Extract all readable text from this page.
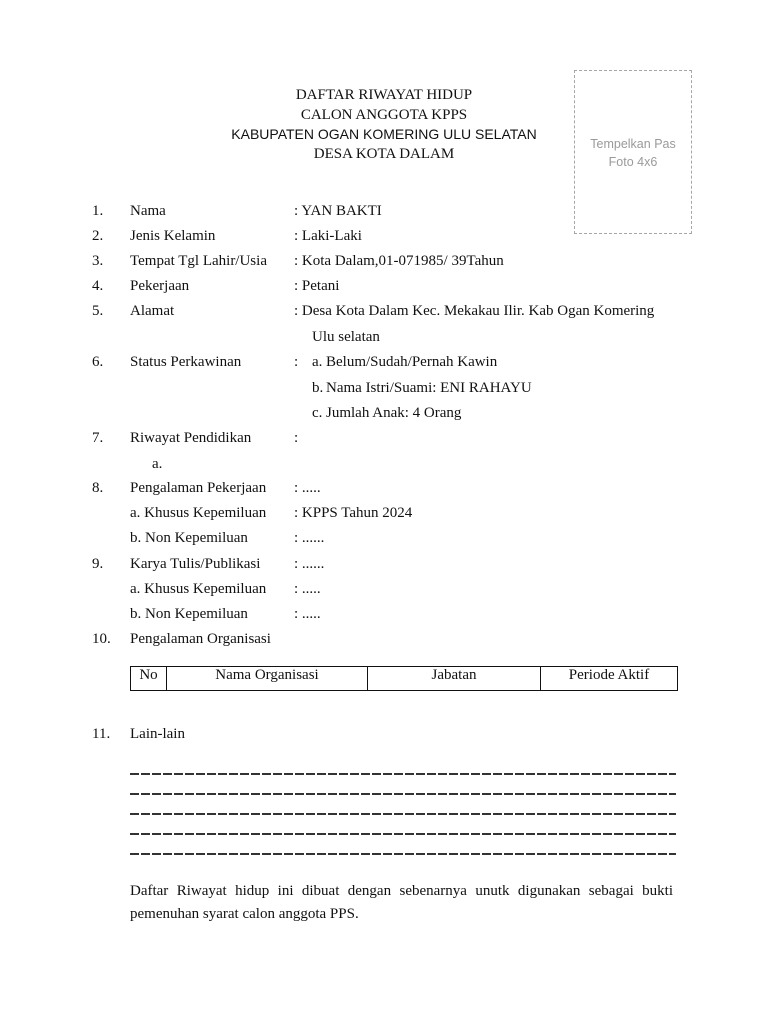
DAFTAR RIWAYAT HIDUP
CALON ANGGOTA KPPS
KABUPATEN OGAN KOMERING ULU SELATAN
DESA KOTA DALAM
Tempelkan Pas Foto 4x6
1. Nama	: YAN BAKTI
2. Jenis Kelamin	: Laki-Laki
3. Tempat Tgl Lahir/Usia : Kota Dalam,01-071985/ 39Tahun
4. Pekerjaan	: Petani
5. Alamat	: Desa Kota Dalam Kec. Mekakau Ilir. Kab Ogan Komering
Ulu selatan
6. Status Perkawinan	: a. Belum/Sudah/Pernah Kawin
b. Nama Istri/Suami: ENI RAHAYU
c. Jumlah Anak: 4 Orang
7. Riwayat Pendidikan	:
a.
8. Pengalaman Pekerjaan : .....
a. Khusus Kepemiluan : KPPS Tahun 2024
b. Non Kepemiluan	: ......
9. Karya Tulis/Publikasi : ......
a. Khusus Kepemiluan : .....
b. Non Kepemiluan	: .....
10. Pengalaman Organisasi
No	Nama Organisasi	Jabatan	Periode Aktif
11. Lain-lain
Daftar Riwayat hidup ini dibuat dengan sebenarnya unutk digunakan sebagai bukti pemenuhan syarat calon anggota PPS.
